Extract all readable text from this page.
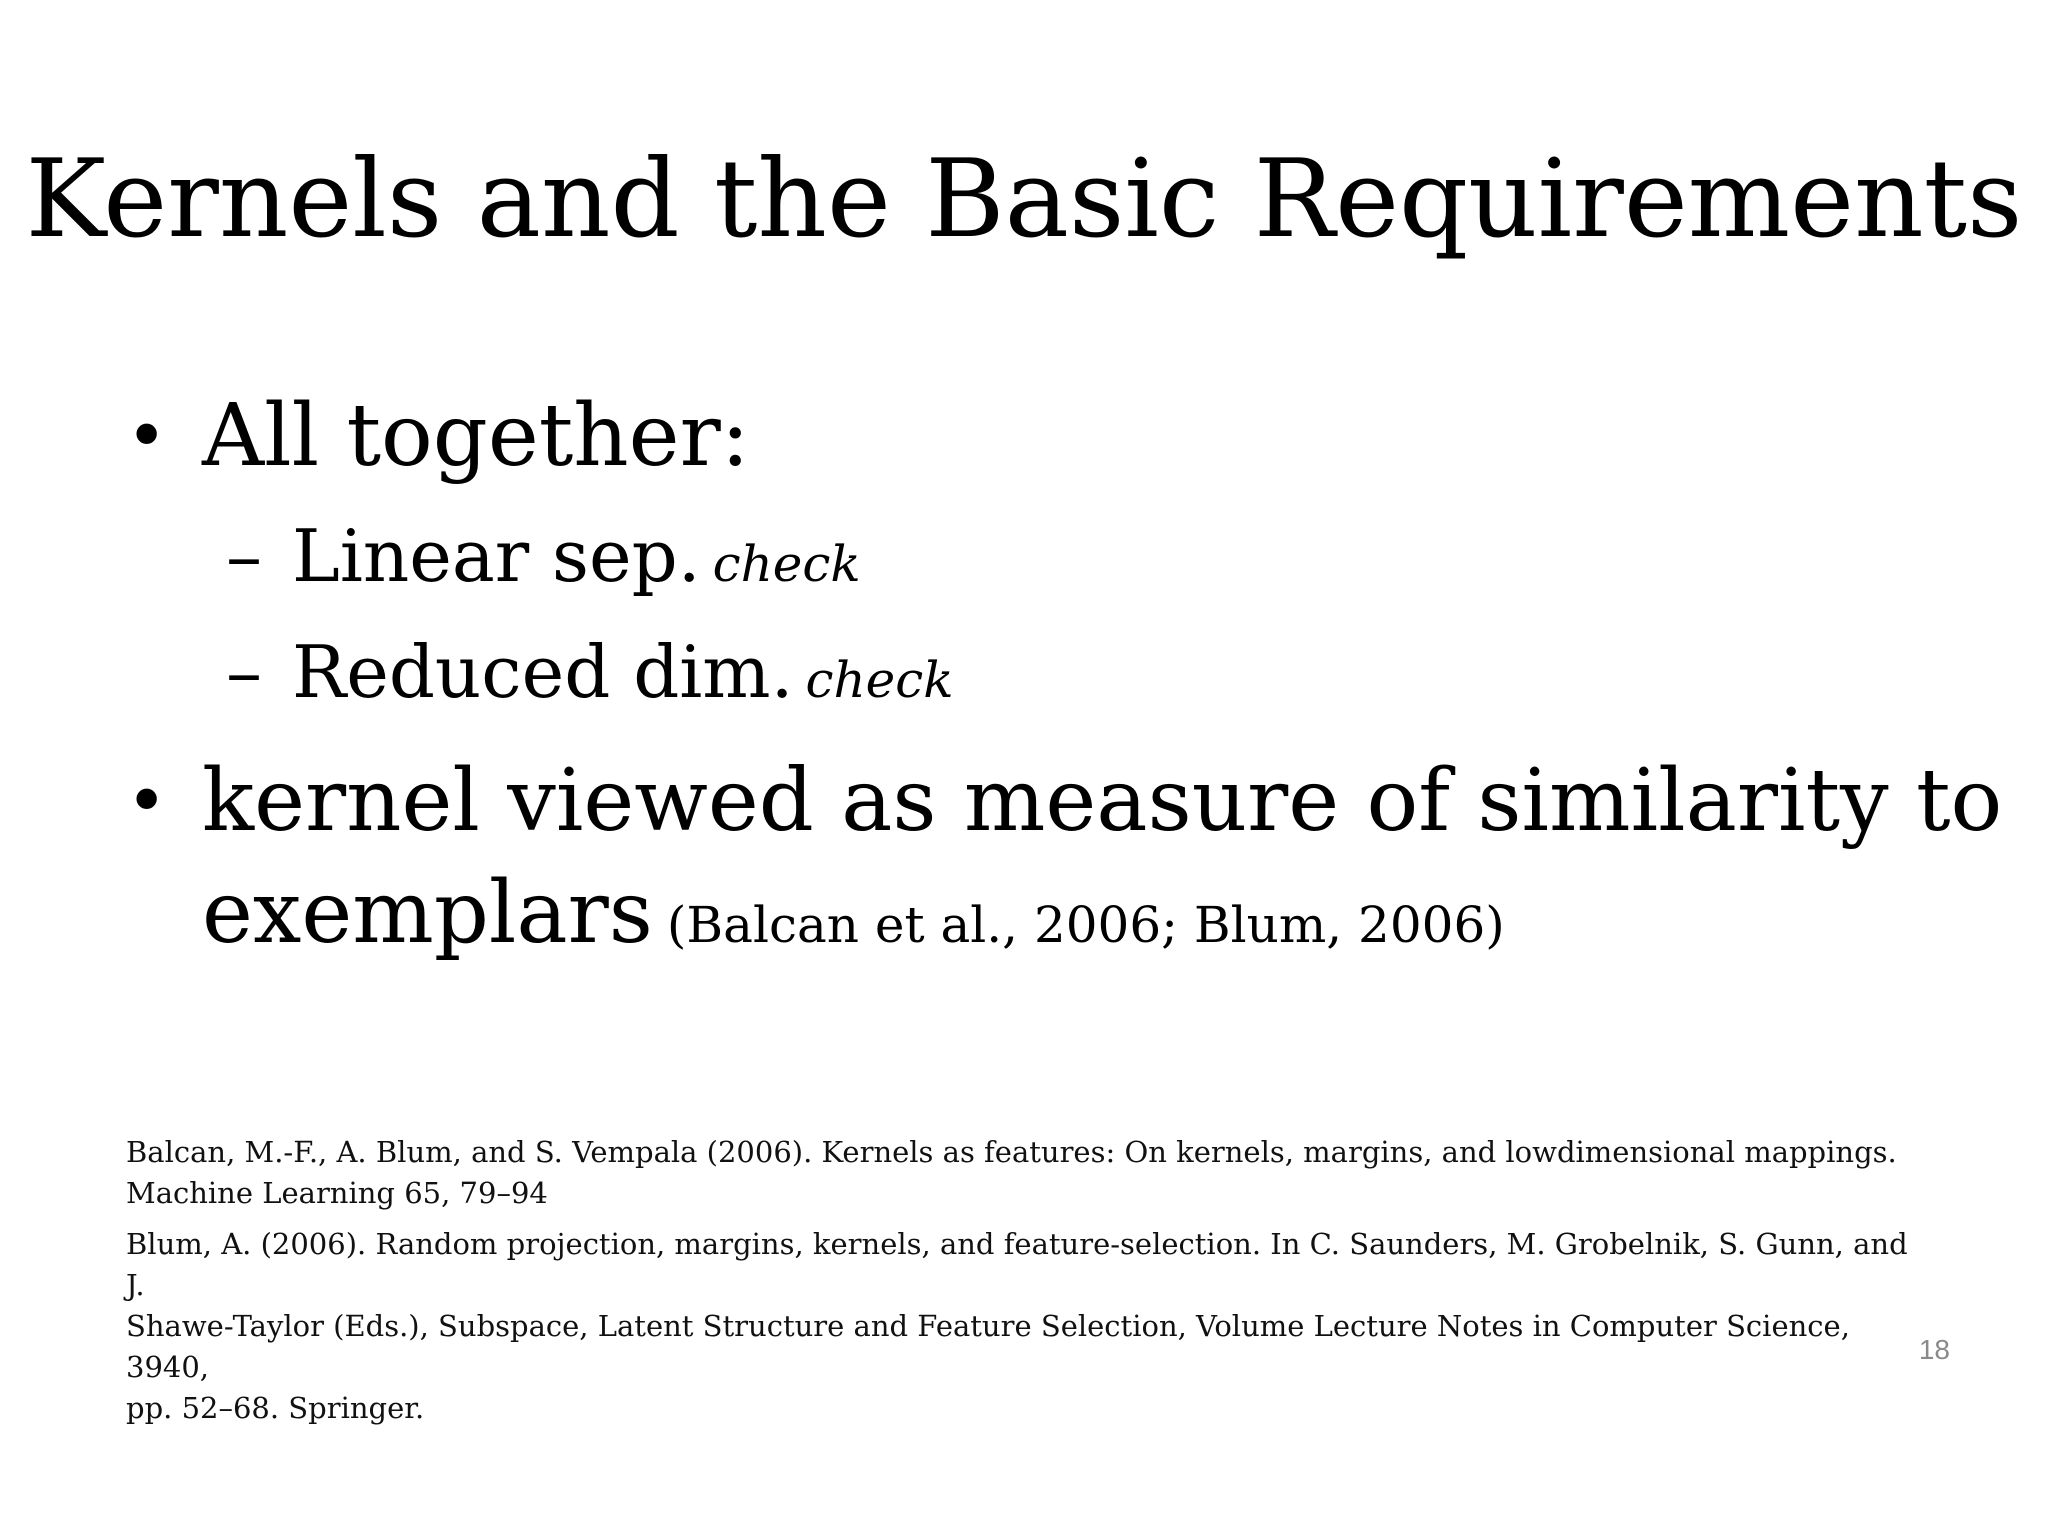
Kernels and the Basic Requirements
• All together:
– Linear sep. check
– Reduced dim. check
• kernel viewed as measure of similarity to
exemplars (Balcan et al., 2006; Blum, 2006)
Balcan, M.-F., A. Blum, and S. Vempala (2006). Kernels as features: On kernels, margins, and lowdimensional mappings.
Machine Learning 65, 79–94
Blum, A. (2006). Random projection, margins, kernels, and feature-selection. In C. Saunders, M. Grobelnik, S. Gunn, and J.
Shawe-Taylor (Eds.), Subspace, Latent Structure and Feature Selection, Volume Lecture Notes in Computer Science, 3940,
pp. 52–68. Springer.
18
